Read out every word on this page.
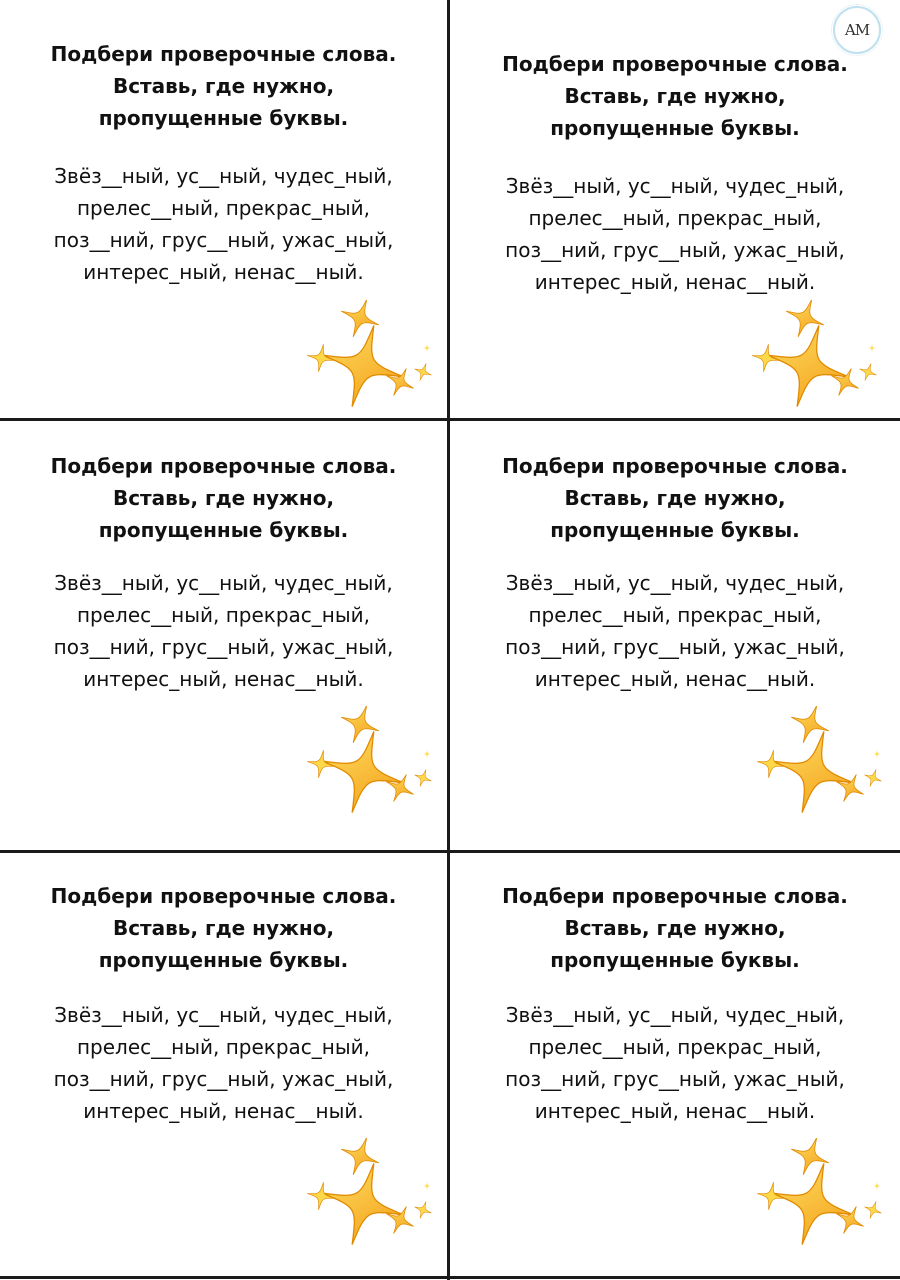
AM
Подбери проверочные слова.
Вставь, где нужно,
пропущенные буквы.
Звёз__ный, ус__ный, чудес_ный,
прелес__ный, прекрас_ный,
поз__ний, грус__ный, ужас_ный,
интерес_ный, ненас__ный.
Подбери проверочные слова.
Вставь, где нужно,
пропущенные буквы.
Звёз__ный, ус__ный, чудес_ный,
прелес__ный, прекрас_ный,
поз__ний, грус__ный, ужас_ный,
интерес_ный, ненас__ный.
Подбери проверочные слова.
Вставь, где нужно,
пропущенные буквы.
Звёз__ный, ус__ный, чудес_ный,
прелес__ный, прекрас_ный,
поз__ний, грус__ный, ужас_ный,
интерес_ный, ненас__ный.
Подбери проверочные слова.
Вставь, где нужно,
пропущенные буквы.
Звёз__ный, ус__ный, чудес_ный,
прелес__ный, прекрас_ный,
поз__ний, грус__ный, ужас_ный,
интерес_ный, ненас__ный.
Подбери проверочные слова.
Вставь, где нужно,
пропущенные буквы.
Звёз__ный, ус__ный, чудес_ный,
прелес__ный, прекрас_ный,
поз__ний, грус__ный, ужас_ный,
интерес_ный, ненас__ный.
Подбери проверочные слова.
Вставь, где нужно,
пропущенные буквы.
Звёз__ный, ус__ный, чудес_ный,
прелес__ный, прекрас_ный,
поз__ний, грус__ный, ужас_ный,
интерес_ный, ненас__ный.
